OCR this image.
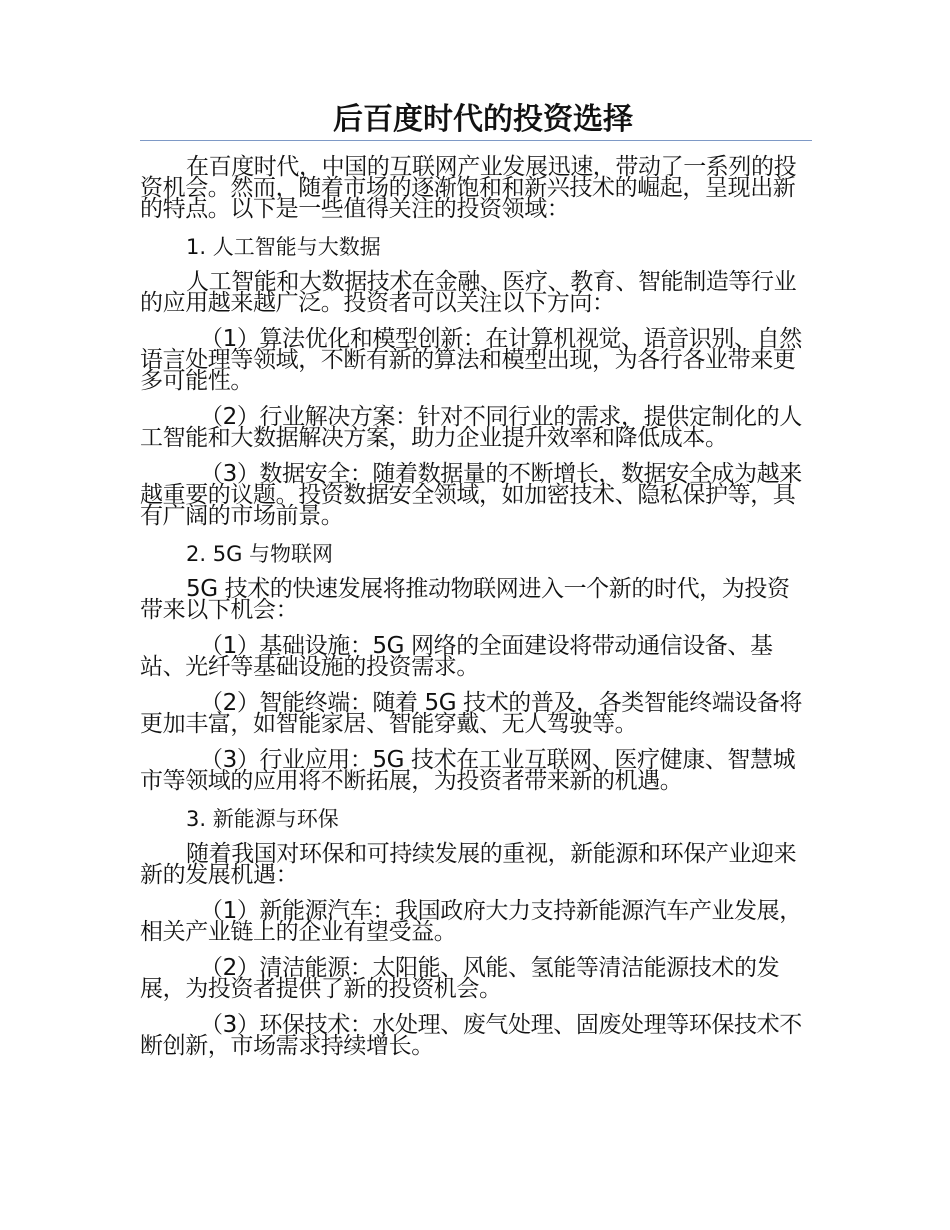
后百度时代的投资选择

在百度时代，中国的互联网产业发展迅速，带动了一系列的投资机会。然而，随着市场的逐渐饱和和新兴技术的崛起，呈现出新的特点。以下是一些值得关注的投资领域：

1. 人工智能与大数据

人工智能和大数据技术在金融、医疗、教育、智能制造等行业的应用越来越广泛。投资者可以关注以下方向：

（1）算法优化和模型创新：在计算机视觉、语音识别、自然语言处理等领域，不断有新的算法和模型出现，为各行各业带来更多可能性。

（2）行业解决方案：针对不同行业的需求，提供定制化的人工智能和大数据解决方案，助力企业提升效率和降低成本。

（3）数据安全：随着数据量的不断增长，数据安全成为越来越重要的议题。投资数据安全领域，如加密技术、隐私保护等，具有广阔的市场前景。

2. 5G 与物联网

5G 技术的快速发展将推动物联网进入一个新的时代，为投资带来以下机会：

（1）基础设施：5G 网络的全面建设将带动通信设备、基站、光纤等基础设施的投资需求。

（2）智能终端：随着 5G 技术的普及，各类智能终端设备将更加丰富，如智能家居、智能穿戴、无人驾驶等。

（3）行业应用：5G 技术在工业互联网、医疗健康、智慧城市等领域的应用将不断拓展，为投资者带来新的机遇。

3. 新能源与环保

随着我国对环保和可持续发展的重视，新能源和环保产业迎来新的发展机遇：

（1）新能源汽车：我国政府大力支持新能源汽车产业发展，相关产业链上的企业有望受益。

（2）清洁能源：太阳能、风能、氢能等清洁能源技术的发展，为投资者提供了新的投资机会。

（3）环保技术：水处理、废气处理、固废处理等环保技术不断创新，市场需求持续增长。
